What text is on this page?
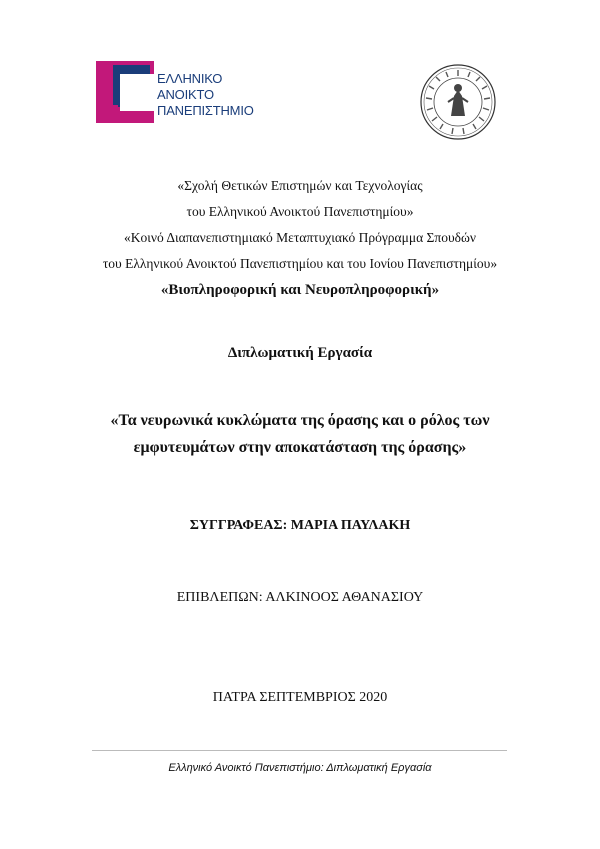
ΕΛΛΗΝΙΚΟ
ΑΝΟΙΚΤΟ
ΠΑΝΕΠΙΣΤΗΜΙΟ
«Σχολή Θετικών Επιστημών και Τεχνολογίας
του Ελληνικού Ανοικτού Πανεπιστημίου»
«Κοινό Διαπανεπιστημιακό Μεταπτυχιακό Πρόγραμμα Σπουδών
του Ελληνικού Ανοικτού Πανεπιστημίου και του Ιονίου Πανεπιστημίου»
«Βιοπληροφορική και Νευροπληροφορική»
Διπλωματική Εργασία
«Τα νευρωνικά κυκλώματα της όρασης και ο ρόλος των
εμφυτευμάτων στην αποκατάσταση της όρασης»
ΣΥΓΓΡΑΦΕΑΣ: ΜΑΡΙΑ ΠΑΥΛΑΚΗ
ΕΠΙΒΛΕΠΩΝ: ΑΛΚΙΝΟΟΣ ΑΘΑΝΑΣΙΟΥ
ΠΑΤΡΑ ΣΕΠΤΕΜΒΡΙΟΣ 2020
Ελληνικό Ανοικτό Πανεπιστήμιο: Διπλωματική Εργασία
